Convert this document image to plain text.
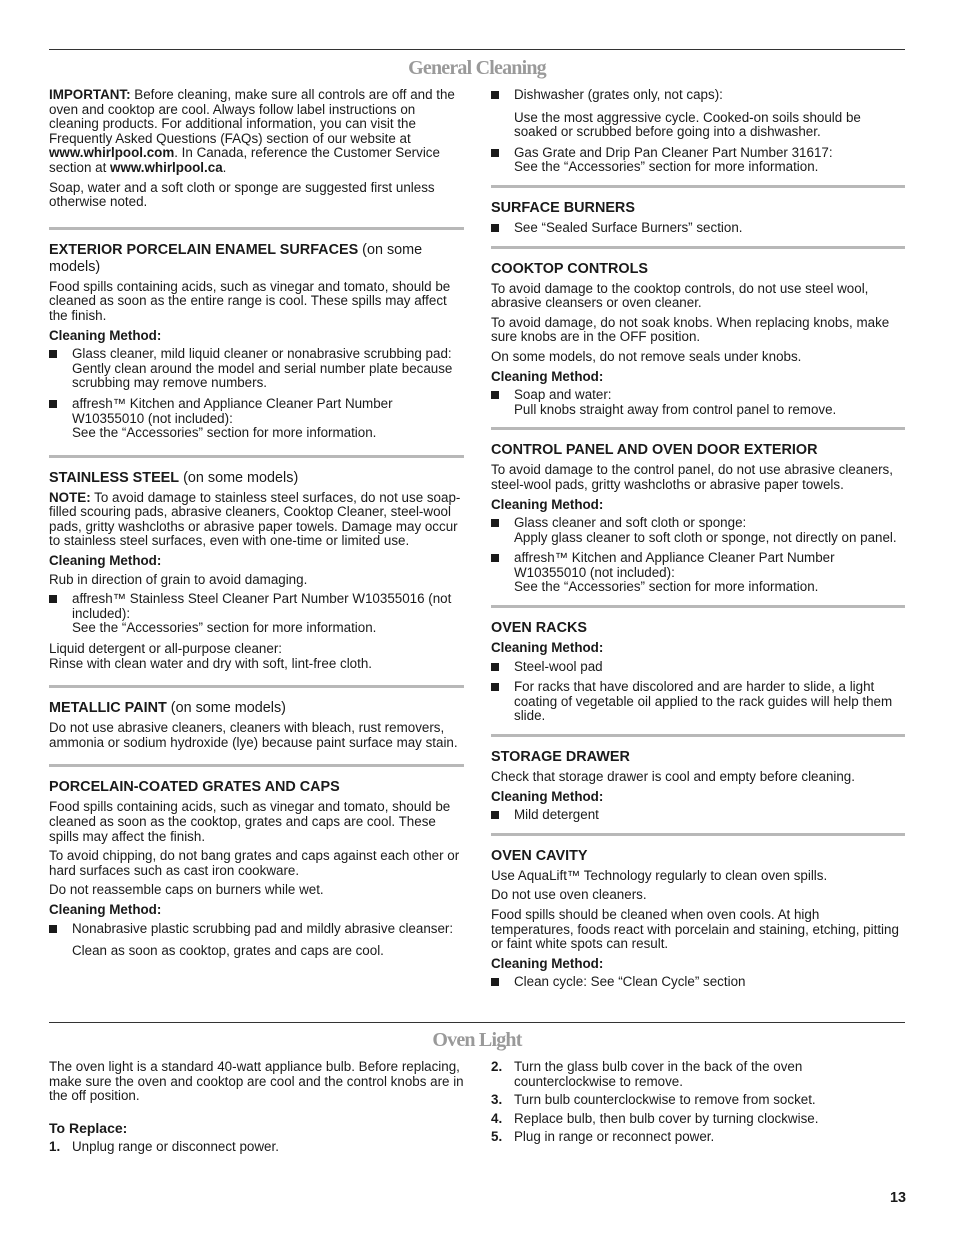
General Cleaning

IMPORTANT: Before cleaning, make sure all controls are off and the oven and cooktop are cool. Always follow label instructions on cleaning products. For additional information, you can visit the Frequently Asked Questions (FAQs) section of our website at www.whirlpool.com. In Canada, reference the Customer Service section at www.whirlpool.ca.

Soap, water and a soft cloth or sponge are suggested first unless otherwise noted.

EXTERIOR PORCELAIN ENAMEL SURFACES (on some models)

Food spills containing acids, such as vinegar and tomato, should be cleaned as soon as the entire range is cool. These spills may affect the finish.

Cleaning Method:
Glass cleaner, mild liquid cleaner or nonabrasive scrubbing pad:
Gently clean around the model and serial number plate because scrubbing may remove numbers.
affresh™ Kitchen and Appliance Cleaner Part Number W10355010 (not included):
See the “Accessories” section for more information.
STAINLESS STEEL (on some models)

NOTE: To avoid damage to stainless steel surfaces, do not use soap-filled scouring pads, abrasive cleaners, Cooktop Cleaner, steel-wool pads, gritty washcloths or abrasive paper towels. Damage may occur to stainless steel surfaces, even with one-time or limited use.

Cleaning Method:

Rub in direction of grain to avoid damaging.

affresh™ Stainless Steel Cleaner Part Number W10355016 (not included):
See the “Accessories” section for more information.

Liquid detergent or all-purpose cleaner:
Rinse with clean water and dry with soft, lint-free cloth.

METALLIC PAINT (on some models)

Do not use abrasive cleaners, cleaners with bleach, rust removers, ammonia or sodium hydroxide (lye) because paint surface may stain.

PORCELAIN-COATED GRATES AND CAPS

Food spills containing acids, such as vinegar and tomato, should be cleaned as soon as the cooktop, grates and caps are cool. These spills may affect the finish.

To avoid chipping, do not bang grates and caps against each other or hard surfaces such as cast iron cookware.

Do not reassemble caps on burners while wet.

Cleaning Method:
Nonabrasive plastic scrubbing pad and mildly abrasive cleanser:
Clean as soon as cooktop, grates and caps are cool.
Dishwasher (grates only, not caps):
Use the most aggressive cycle. Cooked-on soils should be soaked or scrubbed before going into a dishwasher.
Gas Grate and Drip Pan Cleaner Part Number 31617:
See the “Accessories” section for more information.
SURFACE BURNERS
See “Sealed Surface Burners” section.
COOKTOP CONTROLS

To avoid damage to the cooktop controls, do not use steel wool, abrasive cleansers or oven cleaner.

To avoid damage, do not soak knobs. When replacing knobs, make sure knobs are in the OFF position.

On some models, do not remove seals under knobs.

Cleaning Method:
Soap and water:
Pull knobs straight away from control panel to remove.
CONTROL PANEL AND OVEN DOOR EXTERIOR

To avoid damage to the control panel, do not use abrasive cleaners, steel-wool pads, gritty washcloths or abrasive paper towels.

Cleaning Method:
Glass cleaner and soft cloth or sponge:
Apply glass cleaner to soft cloth or sponge, not directly on panel.
affresh™ Kitchen and Appliance Cleaner Part Number W10355010 (not included):
See the “Accessories” section for more information.
OVEN RACKS
Cleaning Method:
Steel-wool pad
For racks that have discolored and are harder to slide, a light coating of vegetable oil applied to the rack guides will help them slide.
STORAGE DRAWER

Check that storage drawer is cool and empty before cleaning.

Cleaning Method:
Mild detergent
OVEN CAVITY

Use AquaLift™ Technology regularly to clean oven spills.

Do not use oven cleaners.

Food spills should be cleaned when oven cools. At high temperatures, foods react with porcelain and staining, etching, pitting or faint white spots can result.

Cleaning Method:
Clean cycle: See “Clean Cycle” section
Oven Light

The oven light is a standard 40-watt appliance bulb. Before replacing, make sure the oven and cooktop are cool and the control knobs are in the off position.

To Replace:
1. Unplug range or disconnect power.
2. Turn the glass bulb cover in the back of the oven counterclockwise to remove.
3. Turn bulb counterclockwise to remove from socket.
4. Replace bulb, then bulb cover by turning clockwise.
5. Plug in range or reconnect power.
13
